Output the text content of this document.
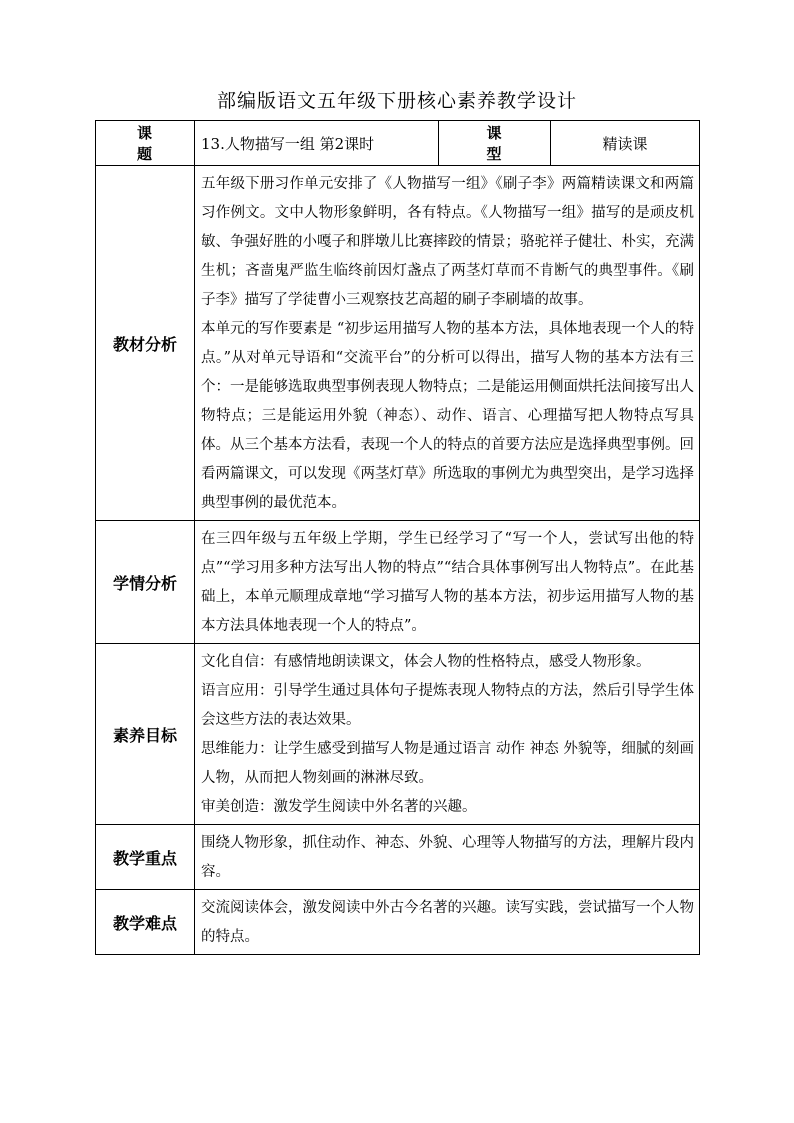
部编版语文五年级下册核心素养教学设计
课 题	13.人物描写一组 第2课时	课 型	精读课
教材分析	五年级下册习作单元安排了《人物描写一组》《刷子李》两篇精读课文和两篇习作例文。文中人物形象鲜明，各有特点。《人物描写一组》描写的是顽皮机敏、争强好胜的小嘎子和胖墩儿比赛摔跤的情景；骆驼祥子健壮、朴实，充满生机；吝啬鬼严监生临终前因灯盏点了两茎灯草而不肯断气的典型事件。《刷子李》描写了学徒曹小三观察技艺高超的刷子李刷墙的故事。

本单元的写作要素是 “初步运用描写人物的基本方法，具体地表现一个人的特点。”从对单元导语和“交流平台”的分析可以得出，描写人物的基本方法有三个：一是能够选取典型事例表现人物特点；二是能运用侧面烘托法间接写出人物特点；三是能运用外貌（神态）、动作、语言、心理描写把人物特点写具体。从三个基本方法看，表现一个人的特点的首要方法应是选择典型事例。回看两篇课文，可以发现《两茎灯草》所选取的事例尤为典型突出，是学习选择典型事例的最优范本。		

学情分析	在三四年级与五年级上学期，学生已经学习了“写一个人，尝试写出他的特点”“学习用多种方法写出人物的特点”“结合具体事例写出人物特点”。在此基础上，本单元顺理成章地“学习描写人物的基本方法，初步运用描写人物的基本方法具体地表现一个人的特点”。		

素养目标	文化自信：有感情地朗读课文，体会人物的性格特点，感受人物形象。

语言应用：引导学生通过具体句子提炼表现人物特点的方法，然后引导学生体会这些方法的表达效果。

思维能力：让学生感受到描写人物是通过语言 动作 神态 外貌等，细腻的刻画人物，从而把人物刻画的淋淋尽致。

审美创造：激发学生阅读中外名著的兴趣。		

教学重点	围绕人物形象，抓住动作、神态、外貌、心理等人物描写的方法，理解片段内容。		

教学难点	交流阅读体会，激发阅读中外古今名著的兴趣。读写实践，尝试描写一个人物的特点。		
